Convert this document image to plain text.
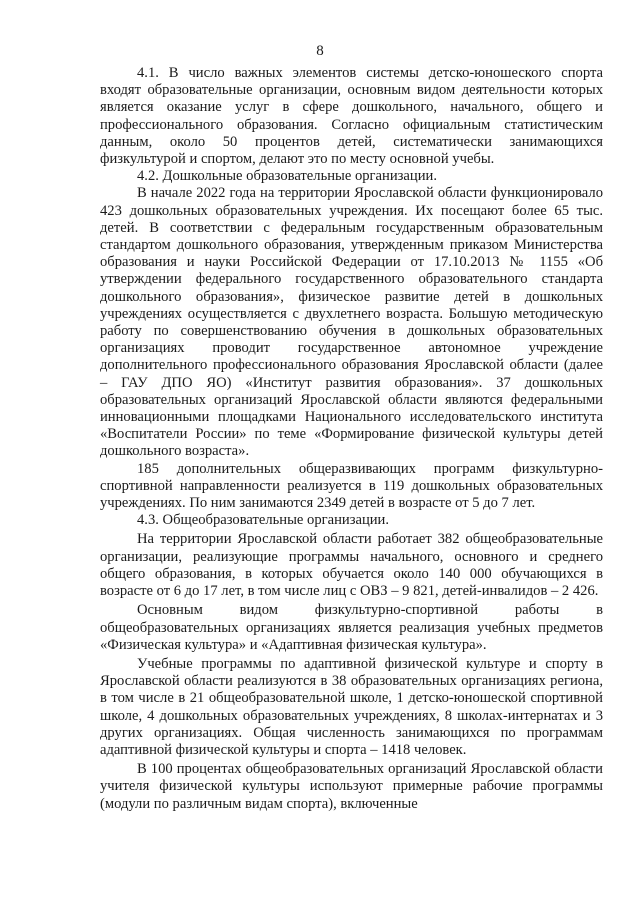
8

4.1. В число важных элементов системы детско-юношеского спорта входят образовательные организации, основным видом деятельности которых является оказание услуг в сфере дошкольного, начального, общего и профессионального образования. Согласно официальным статистическим данным, около 50 процентов детей, систематически занимающихся физкультурой и спортом, делают это по месту основной учебы.

4.2. Дошкольные образовательные организации.

В начале 2022 года на территории Ярославской области функционировало 423 дошкольных образовательных учреждения. Их посещают более 65 тыс. детей. В соответствии с федеральным государственным образовательным стандартом дошкольного образования, утвержденным приказом Министерства образования и науки Российской Федерации от 17.10.2013 № 1155 «Об утверждении федерального государственного образовательного стандарта дошкольного образования», физическое развитие детей в дошкольных учреждениях осуществляется с двухлетнего возраста. Большую методическую работу по совершенствованию обучения в дошкольных образовательных организациях проводит государственное автономное учреждение дополнительного профессионального образования Ярославской области (далее – ГАУ ДПО ЯО) «Институт развития образования». 37 дошкольных образовательных организаций Ярославской области являются федеральными инновационными площадками Национального исследовательского института «Воспитатели России» по теме «Формирование физической культуры детей дошкольного возраста».

185 дополнительных общеразвивающих программ физкультурно-спортивной направленности реализуется в 119 дошкольных образовательных учреждениях. По ним занимаются 2349 детей в возрасте от 5 до 7 лет.

4.3. Общеобразовательные организации.

На территории Ярославской области работает 382 общеобразовательные организации, реализующие программы начального, основного и среднего общего образования, в которых обучается около 140 000 обучающихся в возрасте от 6 до 17 лет, в том числе лиц с ОВЗ – 9 821, детей-инвалидов – 2 426.

Основным видом физкультурно-спортивной работы в общеобразовательных организациях является реализация учебных предметов «Физическая культура» и «Адаптивная физическая культура».

Учебные программы по адаптивной физической культуре и спорту в Ярославской области реализуются в 38 образовательных организациях региона, в том числе в 21 общеобразовательной школе, 1 детско-юношеской спортивной школе, 4 дошкольных образовательных учреждениях, 8 школах-интернатах и 3 других организациях. Общая численность занимающихся по программам адаптивной физической культуры и спорта – 1418 человек.

В 100 процентах общеобразовательных организаций Ярославской области учителя физической культуры используют примерные рабочие программы (модули по различным видам спорта), включенные
